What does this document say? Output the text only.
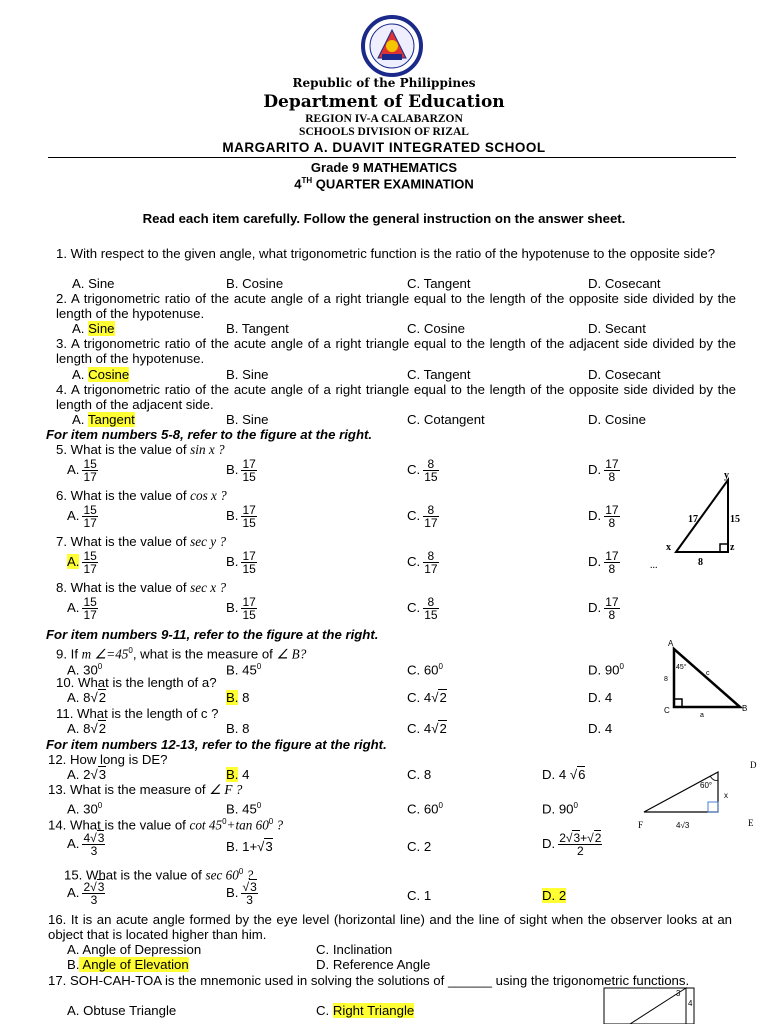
Republic of the Philippines
Department of Education
REGION IV-A CALABARZON
SCHOOLS DIVISION OF RIZAL
MARGARITO A. DUAVIT INTEGRATED SCHOOL
Grade 9 MATHEMATICS
4TH QUARTER EXAMINATION
Read each item carefully. Follow the general instruction on the answer sheet.
1. With respect to the given angle, what trigonometric function is the ratio of the hypotenuse to the opposite side?
A. Sine	B. Cosine	C. Tangent	D. Cosecant
2. A trigonometric ratio of the acute angle of a right triangle equal to the length of the opposite side divided by the length of the hypotenuse.
A. Sine	B. Tangent	C. Cosine	D. Secant
3. A trigonometric ratio of the acute angle of a right triangle equal to the length of the adjacent side divided by the length of the hypotenuse.
A. Cosine	B. Sine	C. Tangent	D. Cosecant
4. A trigonometric ratio of the acute angle of a right triangle equal to the length of the opposite side divided by the length of the adjacent side.
A. Tangent	B. Sine	C. Cotangent	D. Cosine
For item numbers 5-8, refer to the figure at the right.
5. What is the value of sin x ?
A. $\frac{15}{17}$	B. $\frac{17}{15}$	C. $\frac{8}{15}$	D. $\frac{17}{8}$
6. What is the value of cos x ?
A. $\frac{15}{17}$	B. $\frac{17}{15}$	C. $\frac{8}{17}$	D. $\frac{17}{8}$
7. What is the value of sec y ?
A. $\frac{15}{17}$	B. $\frac{17}{15}$	C. $\frac{8}{17}$	D. $\frac{17}{8}$
8. What is the value of sec x ?
A. $\frac{15}{17}$	B. $\frac{17}{15}$	C. $\frac{8}{15}$	D. $\frac{17}{8}$
y
x	z
17	15
8
...
For item numbers 9-11, refer to the figure at the right.
9. If m $\angle=45^0$, what is the measure of ∠ B?
A. $30^0$	B. $45^0$	C. $60^0$	D. $90^0$
10. What is the length of a?
A. 8√2	B. 8	C. 4√2	D. 4
11. What is the length of c ?
A. 8√2	B. 8	C. 4√2	D. 4
A
B
C
45°
8
c
a
For item numbers 12-13, refer to the figure at the right.
12. How long is DE?
A. 2√3	B. 4	C. 8	D. 4 √6
13. What is the measure of ∠ F ?
A. $30^0$	B. $45^0$	C. $60^0$	D. $90^0$
D
E
F
60°
x
4√3
14. What is the value of $\cot 45^0+\tan$ $60^0$ ?
A. $\frac{4√3}{3}$	B. 1+√3	C. 2	D. $\frac{2√3+√2}{2}$
15. What is the value of $\sec 60^0$ ?
A. $\frac{2√3}{3}$	B. $\frac{√3}{3}$	C. 1	D. 2
16. It is an acute angle formed by the eye level (horizontal line) and the line of sight when the observer looks at an object that is located higher than him.
A. Angle of Depression	C. Inclination
B. Angle of Elevation	D. Reference Angle
17. SOH-CAH-TOA is the mnemonic used in solving the solutions of ______ using the trigonometric functions.
A. Obtuse Triangle	C. Right Triangle
3
4
